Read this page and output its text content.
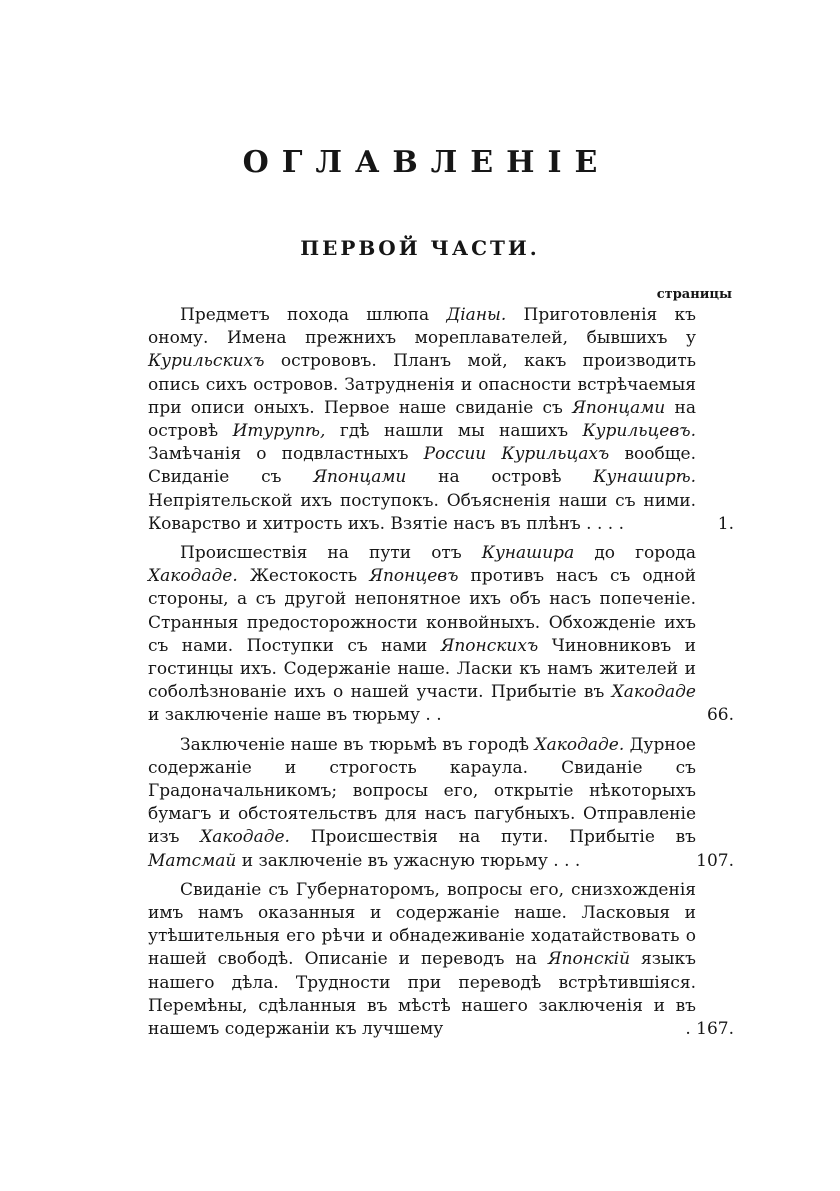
ОГЛАВЛЕНІЕ
ПЕРВОЙ ЧАСТИ.
страницы
Предметъ похода шлюпа Діаны. Приготовленія къ оному. Имена прежнихъ мореплавателей, бывшихъ у Курильскихъ острововъ. Планъ мой, какъ производить опись сихъ островов. Затрудненія и опасности встрѣчаемыя при описи оныхъ. Первое наше свиданіе съ Японцами на островѣ Итурупѣ, гдѣ нашли мы нашихъ Курильцевъ. Замѣчанія о подвластныхъ России Курильцахъ вообще. Свиданіе съ Японцами на островѣ Кунаширѣ. Непріятельской ихъ поступокъ. Объясненія наши съ ними. Коварство и хитрость ихъ. Взятіе насъ въ плѣнъ . . . .	1.
Происшествія на пути отъ Кунашира до города Хакодаде. Жестокость Японцевъ противъ насъ съ одной стороны, а съ другой непонятное ихъ объ насъ попеченіе. Странныя предосторожности конвойныхъ. Обхожденіе ихъ съ нами. Поступки съ нами Японскихъ Чиновниковъ и гостинцы ихъ. Содержаніе наше. Ласки къ намъ жителей и соболѣзнованіе ихъ о нашей участи. Прибытіе въ Хакодаде и заключеніе наше въ тюрьму . .	66.
Заключеніе наше въ тюрьмѣ въ городѣ Хакодаде. Дурное содержаніе и строгость караула. Свиданіе съ Градоначальникомъ; вопросы его, открытіе нѣкоторыхъ бумагъ и обстоятельствъ для насъ пагубныхъ. Отправленіе изъ Хакодаде. Происшествія на пути. Прибытіе въ Матсмай и заключеніе въ ужасную тюрьму . . .	107.
Свиданіе съ Губернаторомъ, вопросы его, снизхожденія имъ намъ оказанныя и содержаніе наше. Ласковыя и утѣшительныя его рѣчи и обнадеживаніе ходатайствовать о нашей свободѣ. Описаніе и переводъ на Японскій языкъ нашего дѣла. Трудности при переводѣ встрѣтившіяся. Перемѣны, сдѣланныя въ мѣстѣ нашего заключенія и въ нашемъ содержаніи къ лучшему	. 167.
